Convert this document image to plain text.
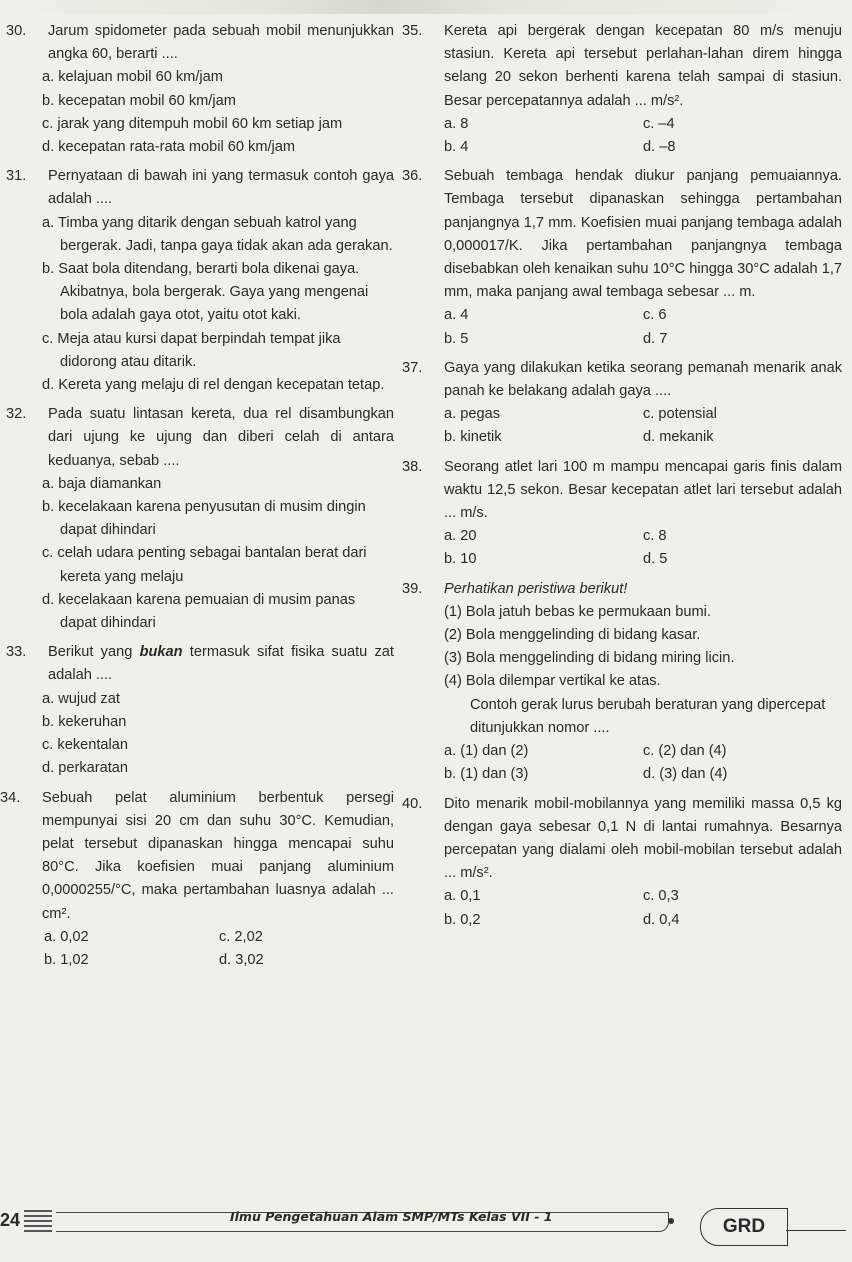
30.	Jarum spidometer pada sebuah mobil menunjukkan angka 60, berarti ....
a. kelajuan mobil 60 km/jam
b. kecepatan mobil 60 km/jam
c. jarak yang ditempuh mobil 60 km setiap jam
d. kecepatan rata-rata mobil 60 km/jam
31.	Pernyataan di bawah ini yang termasuk contoh gaya adalah ....
a. Timba yang ditarik dengan sebuah katrol yang bergerak. Jadi, tanpa gaya tidak akan ada gerakan.
b. Saat bola ditendang, berarti bola dikenai gaya. Akibatnya, bola bergerak. Gaya yang mengenai bola adalah gaya otot, yaitu otot kaki.
c. Meja atau kursi dapat berpindah tempat jika didorong atau ditarik.
d. Kereta yang melaju di rel dengan kecepatan tetap.
32.	Pada suatu lintasan kereta, dua rel disambungkan dari ujung ke ujung dan diberi celah di antara keduanya, sebab ....
a. baja diamankan
b. kecelakaan karena penyusutan di musim dingin dapat dihindari
c. celah udara penting sebagai bantalan berat dari kereta yang melaju
d. kecelakaan karena pemuaian di musim panas dapat dihindari
33.	Berikut yang bukan termasuk sifat fisika suatu zat adalah ....
a. wujud zat
b. kekeruhan
c. kekentalan
d. perkaratan
34.	Sebuah pelat aluminium berbentuk persegi mempunyai sisi 20 cm dan suhu 30°C. Kemudian, pelat tersebut dipanaskan hingga mencapai suhu 80°C. Jika koefisien muai panjang aluminium 0,0000255/°C, maka pertambahan luasnya adalah ... cm².
a. 0,02	c. 2,02
b. 1,02	d. 3,02
35.	Kereta api bergerak dengan kecepatan 80 m/s menuju stasiun. Kereta api tersebut perlahan-lahan direm hingga selang 20 sekon berhenti karena telah sampai di stasiun. Besar percepatannya adalah ... m/s².
a. 8	c. –4
b. 4	d. –8
36.	Sebuah tembaga hendak diukur panjang pemuaiannya. Tembaga tersebut dipanaskan sehingga pertambahan panjangnya 1,7 mm. Koefisien muai panjang tembaga adalah 0,000017/K. Jika pertambahan panjangnya tembaga disebabkan oleh kenaikan suhu 10°C hingga 30°C adalah 1,7 mm, maka panjang awal tembaga sebesar ... m.
a. 4	c. 6
b. 5	d. 7
37.	Gaya yang dilakukan ketika seorang pemanah menarik anak panah ke belakang adalah gaya ....
a. pegas	c. potensial
b. kinetik	d. mekanik
38.	Seorang atlet lari 100 m mampu mencapai garis finis dalam waktu 12,5 sekon. Besar kecepatan atlet lari tersebut adalah ... m/s.
a. 20	c. 8
b. 10	d. 5
39.	Perhatikan peristiwa berikut!
(1) Bola jatuh bebas ke permukaan bumi.
(2) Bola menggelinding di bidang kasar.
(3) Bola menggelinding di bidang miring licin.
(4) Bola dilempar vertikal ke atas.
Contoh gerak lurus berubah beraturan yang dipercepat ditunjukkan nomor ....
a. (1) dan (2)	c. (2) dan (4)
b. (1) dan (3)	d. (3) dan (4)
40.	Dito menarik mobil-mobilannya yang memiliki massa 0,5 kg dengan gaya sebesar 0,1 N di lantai rumahnya. Besarnya percepatan yang dialami oleh mobil-mobilan tersebut adalah ... m/s².
a. 0,1	c. 0,3
b. 0,2	d. 0,4
24	Ilmu Pengetahuan Alam SMP/MTs Kelas VII - 1	GRD
